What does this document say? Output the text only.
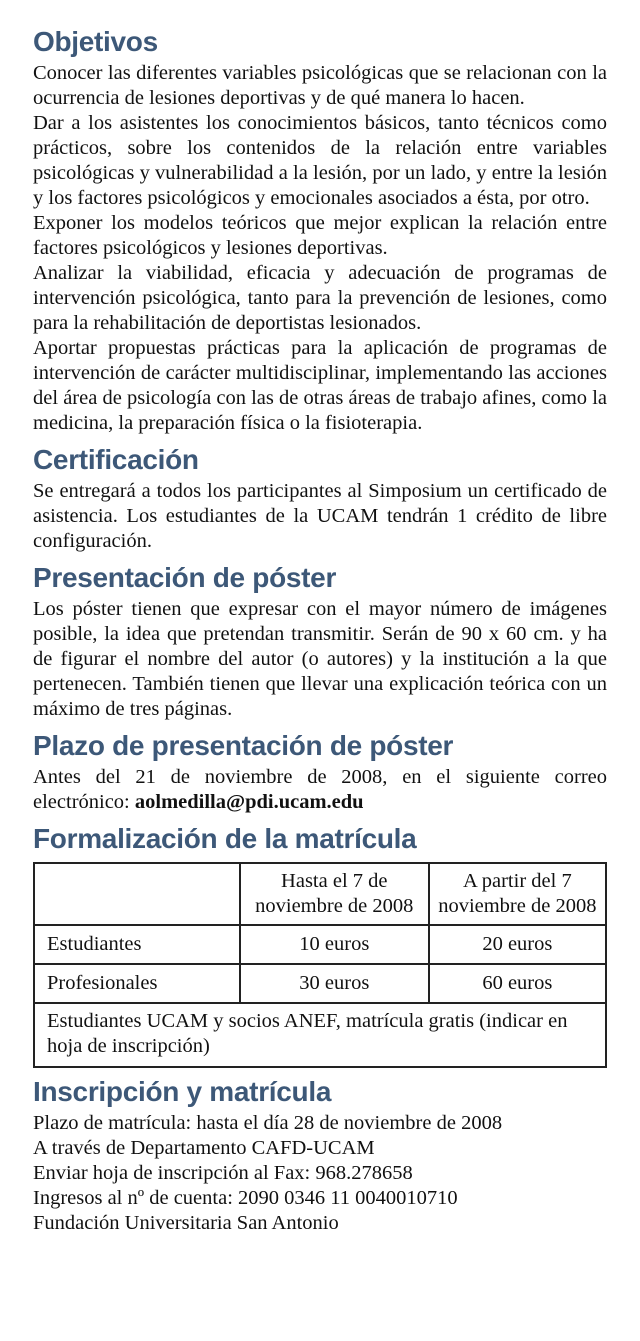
Objetivos

Conocer las diferentes variables psicológicas que se relacionan con la ocurrencia de lesiones deportivas y de qué manera lo hacen.

Dar a los asistentes los conocimientos básicos, tanto técnicos como prácticos, sobre los contenidos de la relación entre variables psicológicas y vulnerabilidad a la lesión, por un lado, y entre la lesión y los factores psicológicos y emocionales asociados a ésta, por otro.

Exponer los modelos teóricos que mejor explican la relación entre factores psicológicos y lesiones deportivas.

Analizar la viabilidad, eficacia y adecuación de programas de intervención psicológica, tanto para la prevención de lesiones, como para la rehabilitación de deportistas lesionados.

Aportar propuestas prácticas para la aplicación de programas de intervención de carácter multidisciplinar, implementando las acciones del área de psicología con las de otras áreas de trabajo afines, como la medicina, la preparación física o la fisioterapia.

Certificación

Se entregará a todos los participantes al Simposium un certificado de asistencia. Los estudiantes de la UCAM tendrán 1 crédito de libre configuración.

Presentación de póster

Los póster tienen que expresar con el mayor número de imágenes posible, la idea que pretendan transmitir. Serán de 90 x 60 cm. y ha de figurar el nombre del autor (o autores) y la institución a la que pertenecen. También tienen que llevar una explicación teórica con un máximo de tres páginas.

Plazo de presentación de póster

Antes del 21 de noviembre de 2008, en el siguiente correo electrónico: aolmedilla@pdi.ucam.edu

Formalización de la matrícula
	Hasta el 7 de noviembre de 2008	A partir del 7 noviembre de 2008
Estudiantes	10 euros	20 euros
Profesionales	30 euros	60 euros
Estudiantes UCAM y socios ANEF, matrícula gratis (indicar en hoja de inscripción)		
Inscripción y matrícula

Plazo de matrícula: hasta el día 28 de noviembre de 2008

A través de Departamento CAFD-UCAM

Enviar hoja de inscripción al Fax: 968.278658

Ingresos al nº de cuenta: 2090 0346 11 0040010710

Fundación Universitaria San Antonio
